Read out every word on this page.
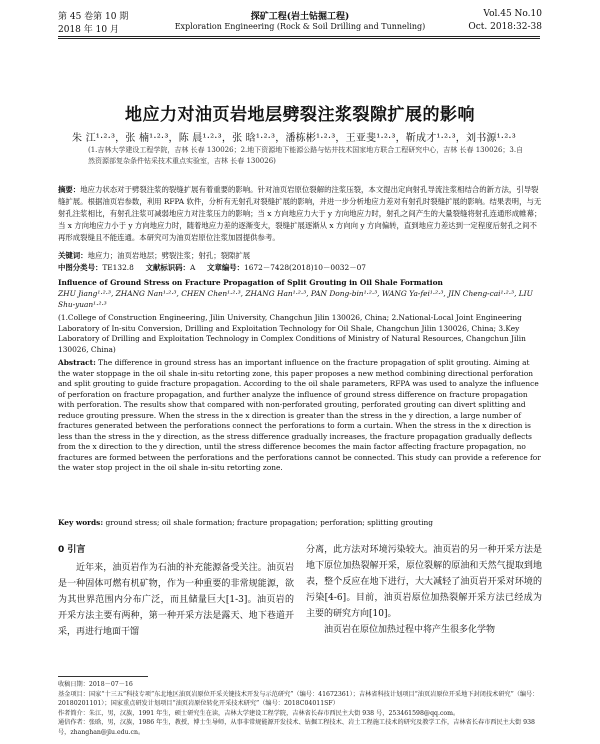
第 45 卷第 10 期
2018 年 10 月
探矿工程(岩土钻掘工程)
Exploration Engineering (Rock & Soil Drilling and Tunneling)
Vol.45 No.10
Oct. 2018:32-38
地应力对油页岩地层劈裂注浆裂隙扩展的影响
朱 江¹·²·³，张 楠¹·²·³，陈 晨¹·²·³，张 晗¹·²·³，潘栋彬¹·²·³，王亚斐¹·²·³，靳成才¹·²·³，刘书源¹·²·³
(1.吉林大学建设工程学院，吉林 长春 130026；2.地下资源地下能源公路与钻井技术国家地方联合工程研究中心，吉林 长春 130026；3.自然资源部复杂条件钻采技术重点实验室，吉林 长春 130026)
摘要：地应力状态对于劈裂注浆的裂缝扩展有着重要的影响。针对油页岩原位裂解的注浆压裂，本文提出定向射孔导流注浆相结合的新方法，引导裂缝扩展。根据油页岩参数，利用 RFPA 软件，分析有无射孔对裂缝扩展的影响，并进一步分析地应力差对有射孔时裂缝扩展的影响。结果表明，与无射孔注浆相比，有射孔注浆可减弱地应力对注浆压力的影响；当 x 方向地应力大于 y 方向地应力时，射孔之间产生的大量裂缝将射孔连通形成帷幕；当 x 方向地应力小于 y 方向地应力时，随着地应力差的逐渐变大，裂缝扩展逐渐从 x 方向向 y 方向偏转，直到地应力差达到一定程度后射孔之间不再形成裂缝且不能连通。本研究可为油页岩原位注浆加固提供参考。
关键词：地应力；油页岩地层；劈裂注浆；射孔；裂隙扩展
中图分类号：TE132.8 文献标识码：A 文章编号：1672－7428(2018)10－0032－07
Influence of Ground Stress on Fracture Propagation of Split Grouting in Oil Shale Formation
ZHU Jiang¹·²·³, ZHANG Nan¹·²·³, CHEN Chen¹·²·³, ZHANG Han¹·²·³, PAN Dong-bin¹·²·³, WANG Ya-fei¹·²·³, JIN Cheng-cai¹·²·³, LIU Shu-yuan¹·²·³
(1.College of Construction Engineering, Jilin University, Changchun Jilin 130026, China; 2.National-Local Joint Engineering Laboratory of In-situ Conversion, Drilling and Exploitation Technology for Oil Shale, Changchun Jilin 130026, China; 3.Key Laboratory of Drilling and Exploitation Technology in Complex Conditions of Ministry of Natural Resources, Changchun Jilin 130026, China)
Abstract: The difference in ground stress has an important influence on the fracture propagation of split grouting. Aiming at the water stoppage in the oil shale in-situ retorting zone, this paper proposes a new method combining directional perforation and split grouting to guide fracture propagation. According to the oil shale parameters, RFPA was used to analyze the influence of perforation on fracture propagation, and further analyze the influence of ground stress difference on fracture propagation with perforation. The results show that compared with non-perforated grouting, perforated grouting can divert splitting and reduce grouting pressure. When the stress in the x direction is greater than the stress in the y direction, a large number of fractures generated between the perforations connect the perforations to form a curtain. When the stress in the x direction is less than the stress in the y direction, as the stress difference gradually increases, the fracture propagation gradually deflects from the x direction to the y direction, until the stress difference becomes the main factor affecting fracture propagation, no fractures are formed between the perforations and the perforations cannot be connected. This study can provide a reference for the water stop project in the oil shale in-situ retorting zone.
Key words: ground stress; oil shale formation; fracture propagation; perforation; splitting grouting
0 引言
近年来，油页岩作为石油的补充能源备受关注。油页岩是一种固体可燃有机矿物，作为一种重要的非常规能源，欲为其世界范围内分布广泛，而且储量巨大[1-3]。油页岩的开采方法主要有两种，第一种开采方法是露天、地下巷道开采，再进行地面干馏
分离，此方法对环境污染较大。油页岩的另一种开采方法是地下原位加热裂解开采，原位裂解的原油和天然气提取到地表，整个反应在地下进行，大大减轻了油页岩开采对环境的污染[4-6]。目前，油页岩原位加热裂解开采方法已经成为主要的研究方向[10]。
油页岩在原位加热过程中将产生很多化学物

收稿日期：2018－07－16

基金项目：国家“十三五”科技专项“东北地区油页岩原位开采关键技术开发与示范研究”（编号：41672361）；吉林省科技计划项目“油页岩原位开采地下封闭技术研究”（编号：20180201101）；国家重点研发计划项目“油页岩原位转化开采技术研究”（编号：2018C04011SF）

作者简介：朱江，男，汉族，1991 年生，硕士研究生在读，吉林大学建设工程学院，吉林省长春市西民主大街 938 号，253461598@qq.com。

通信作者：张晗，男，汉族，1986 年生，教授，博士生导师，从事非常规能源开发技术、钻掘工程技术、岩土工程施工技术的研究及教学工作，吉林省长春市西民主大街 938 号，zhanghan@jlu.edu.cn。
